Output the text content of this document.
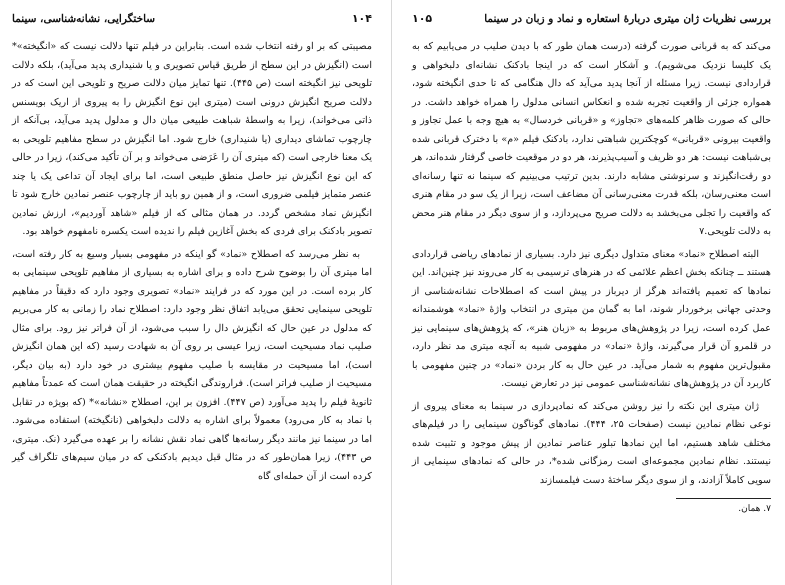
۱۰۴
ساختگرایی، نشانه‌شناسی، سینما

مصیبتی که بر او رفته انتخاب شده است. بنابراین در فیلم تنها دلالت نیست که «انگیخته»* است (انگیزش در این سطح از طریق قیاس تصویری و یا شنیداری پدید می‌آید)، بلکه دلالت تلویحی نیز انگیخته است (ص ۴۴۵). تنها تمایز میان دلالت صریح و تلویحی این است که در دلالت صریح انگیزش درونی است (میتری این نوع انگیزش را به پیروی از اریک بویسنس ذاتی می‌خواند)، زیرا به واسطهٔ شباهت طبیعی میان دال و مدلول پدید می‌آید، بی‌آنکه از چارچوب تماشای دیداری (یا شنیداری) خارج شود. اما انگیزش در سطح مفاهیم تلویحی به یک معنا خارجی است (که میتری آن را عَرَضی می‌خواند و بر آن تأکید می‌کند)، زیرا در حالی که این نوع انگیزش نیز حاصل منطق طبیعی است، اما برای ایجاد آن تداعی یک یا چند عنصر متمایز فیلمی ضروری است، و از همین رو باید از چارچوب عنصر نمادین خارج شود تا انگیزش نماد مشخص گردد. در همان مثالی که از فیلم «شاهد آوردیم»، ارزش نمادین تصویر بادکنک برای فردی که بخش آغازین فیلم را ندیده است یکسره نامفهوم خواهد بود.

به نظر می‌رسد که اصطلاح «نماد» گو اینکه در مفهومی بسیار وسیع به کار رفته است، اما میتری آن را بوضوح شرح داده و برای اشاره به بسیاری از مفاهیم تلویحی سینمایی به کار برده است. در این مورد که در فرایند «نماد» تصویری وجود دارد که دقیقاً در مفاهیم تلویحی سینمایی تحقق می‌یابد اتفاق نظر وجود دارد: اصطلاح نماد را زمانی به کار می‌بریم که مدلول در عین حال که انگیزش دال را سبب می‌شود، از آن فراتر نیز رود. برای مثال صلیب نماد مسیحیت است، زیرا عیسی بر روی آن به شهادت رسید (که این همان انگیزش است)، اما مسیحیت در مقایسه با صلیب مفهوم بیشتری در خود دارد (به بیان دیگر، مسیحیت از صلیب فراتر است). فراروندگی انگیخته در حقیقت همان است که عمدتاً مفاهیم ثانویهٔ فیلم را پدید می‌آورد (ص ۴۴۷). افزون بر این، اصطلاح «نشانه»* (که بویژه در تقابل با نماد به کار می‌رود) معمولاً برای اشاره به دلالت دلبخواهی (نانگیخته) استفاده می‌شود. اما در سینما نیز مانند دیگر رسانه‌ها گاهی نماد نقش نشانه را بر عهده می‌گیرد (نک. میتری، ص ۴۴۳)، زیرا همان‌طور که در مثال قبل دیدیم بادکنکی که در میان سیم‌های تلگراف گیر کرده است از آن حمله‌ای گاه

بررسی نظریات ژان میتری دربارهٔ استعاره و نماد و زبان در سینما
۱۰۵

می‌کند که به قربانی صورت گرفته (درست همان طور که با دیدن صلیب در می‌یابیم که به یک کلیسا نزدیک می‌شویم). و آشکار است که در اینجا بادکنک نشانه‌ای دلبخواهی و قراردادی نیست. زیرا مسئله از آنجا پدید می‌آید که دال هنگامی که تا حدی انگیخته شود، همواره جزئی از واقعیت تجربه شده و انعکاس انسانی مدلول را همراه خواهد داشت. در حالی که صورت ظاهر کلمه‌های «تجاوز» و «قربانی خردسال» به هیچ وجه با عمل تجاوز و واقعیت بیرونی «قربانی» کوچکترین شباهتی ندارد، بادکنک فیلم «م» با دخترک قربانی شده بی‌شباهت نیست: هر دو ظریف و آسیب‌پذیرند، هر دو در موقعیت خاصی گرفتار شده‌اند، هر دو رقت‌انگیزند و سرنوشتی مشابه دارند. بدین ترتیب می‌بینیم که سینما نه تنها رسانه‌ای است معنی‌رسان، بلکه قدرت معنی‌رسانی آن مضاعف است، زیرا از یک سو در مقام هنری که واقعیت را تجلی می‌بخشد به دلالت صریح می‌پردازد، و از سوی دیگر در مقام هنر محض به دلالت تلویحی.۷

البته اصطلاح «نماد» معنای متداول دیگری نیز دارد. بسیاری از نمادهای ریاضی قراردادی هستند ــ چنانکه بخش اعظم علائمی که در هنرهای ترسیمی به کار می‌روند نیز چنین‌اند. این نمادها که تعمیم یافته‌اند هرگز از دیرباز در پیش است که اصطلاحات نشانه‌شناسی از وحدتی جهانی برخوردار شوند، اما به گمان من میتری در انتخاب واژهٔ «نماد» هوشمندانه عمل کرده است، زیرا در پژوهش‌های مربوط به «زبان هنر»، که پژوهش‌های سینمایی نیز در قلمرو آن قرار می‌گیرند، واژهٔ «نماد» در مفهومی شبیه به آنچه میتری مد نظر دارد، مقبول‌ترین مفهوم به شمار می‌آید. در عین حال به کار بردن «نماد» در چنین مفهومی با کاربرد آن در پژوهش‌های نشانه‌شناسی عمومی نیز در تعارض نیست.

ژان میتری این نکته را نیز روشن می‌کند که نمادپردازی در سینما به معنای پیروی از نوعی نظام نمادین نیست (صفحات ۲۵، ۴۴۴). نمادهای گوناگون سینمایی را در فیلم‌های مختلف شاهد هستیم، اما این نمادها تبلور عناصر نمادین از پیش موجود و تثبیت شده نیستند. نظام نمادین مجموعه‌ای است رمزگانی شده*، در حالی که نمادهای سینمایی از سویی کاملاً آزادند، و از سوی دیگر ساختهٔ دست فیلمسازند

۷. همان.
